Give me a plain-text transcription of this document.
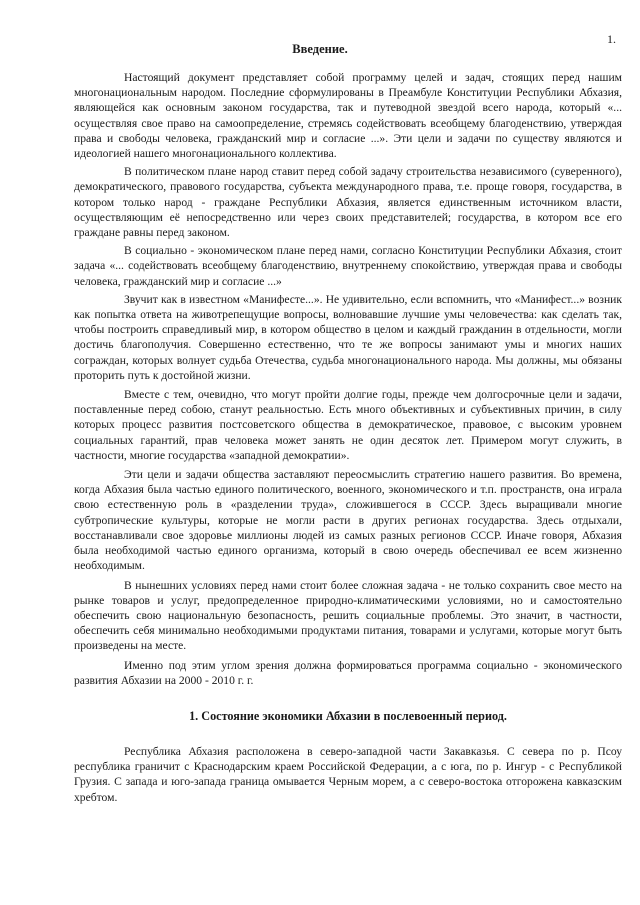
1.
Введение.

Настоящий документ представляет собой программу целей и задач, стоящих перед нашим многонациональным народом. Последние сформулированы в Преамбуле Конституции Республики Абхазия, являющейся как основным законом государства, так и путеводной звездой всего народа, который «... осуществляя свое право на самоопределение, стремясь содействовать всеобщему благоденствию, утверждая права и свободы человека, гражданский мир и согласие ...». Эти цели и задачи по существу являются и идеологией нашего многонационального коллектива.

В политическом плане народ ставит перед собой задачу строительства независимого (суверенного), демократического, правового государства, субъекта международного права, т.е. проще говоря, государства, в котором только народ - граждане Республики Абхазия, является единственным источником власти, осуществляющим её непосредственно или через своих представителей; государства, в котором все его граждане равны перед законом.

В социально - экономическом плане перед нами, согласно Конституции Республики Абхазия, стоит задача «... содействовать всеобщему благоденствию, внутреннему спокойствию, утверждая права и свободы человека, гражданский мир и согласие ...»

Звучит как в известном «Манифесте...». Не удивительно, если вспомнить, что «Манифест...» возник как попытка ответа на животрепещущие вопросы, волновавшие лучшие умы человечества: как сделать так, чтобы построить справедливый мир, в котором общество в целом и каждый гражданин в отдельности, могли достичь благополучия. Совершенно естественно, что те же вопросы занимают умы и многих наших сограждан, которых волнует судьба Отечества, судьба многонационального народа. Мы должны, мы обязаны проторить путь к достойной жизни.

Вместе с тем, очевидно, что могут пройти долгие годы, прежде чем долгосрочные цели и задачи, поставленные перед собою, станут реальностью. Есть много объективных и субъективных причин, в силу которых процесс развития постсоветского общества в демократическое, правовое, с высоким уровнем социальных гарантий, прав человека может занять не один десяток лет. Примером могут служить, в частности, многие государства «западной демократии».

Эти цели и задачи общества заставляют переосмыслить стратегию нашего развития. Во времена, когда Абхазия была частью единого политического, военного, экономического и т.п. пространств, она играла свою естественную роль в «разделении труда», сложившегося в СССР. Здесь выращивали многие субтропические культуры, которые не могли расти в других регионах государства. Здесь отдыхали, восстанавливали свое здоровье миллионы людей из самых разных регионов СССР. Иначе говоря, Абхазия была необходимой частью единого организма, который в свою очередь обеспечивал ее всем жизненно необходимым.

В нынешних условиях перед нами стоит более сложная задача - не только сохранить свое место на рынке товаров и услуг, предопределенное природно-климатическими условиями, но и самостоятельно обеспечить свою национальную безопасность, решить социальные проблемы. Это значит, в частности, обеспечить себя минимально необходимыми продуктами питания, товарами и услугами, которые могут быть произведены на месте.

Именно под этим углом зрения должна формироваться программа социально - экономического развития Абхазии на 2000 - 2010 г. г.

1. Состояние экономики Абхазии в послевоенный период.

Республика Абхазия расположена в северо-западной части Закавказья. С севера по р. Псоу республика граничит с Краснодарским краем Российской Федерации, а с юга, по р. Ингур - с Республикой Грузия. С запада и юго-запада граница омывается Черным морем, а с северо-востока отгорожена кавказским хребтом.
